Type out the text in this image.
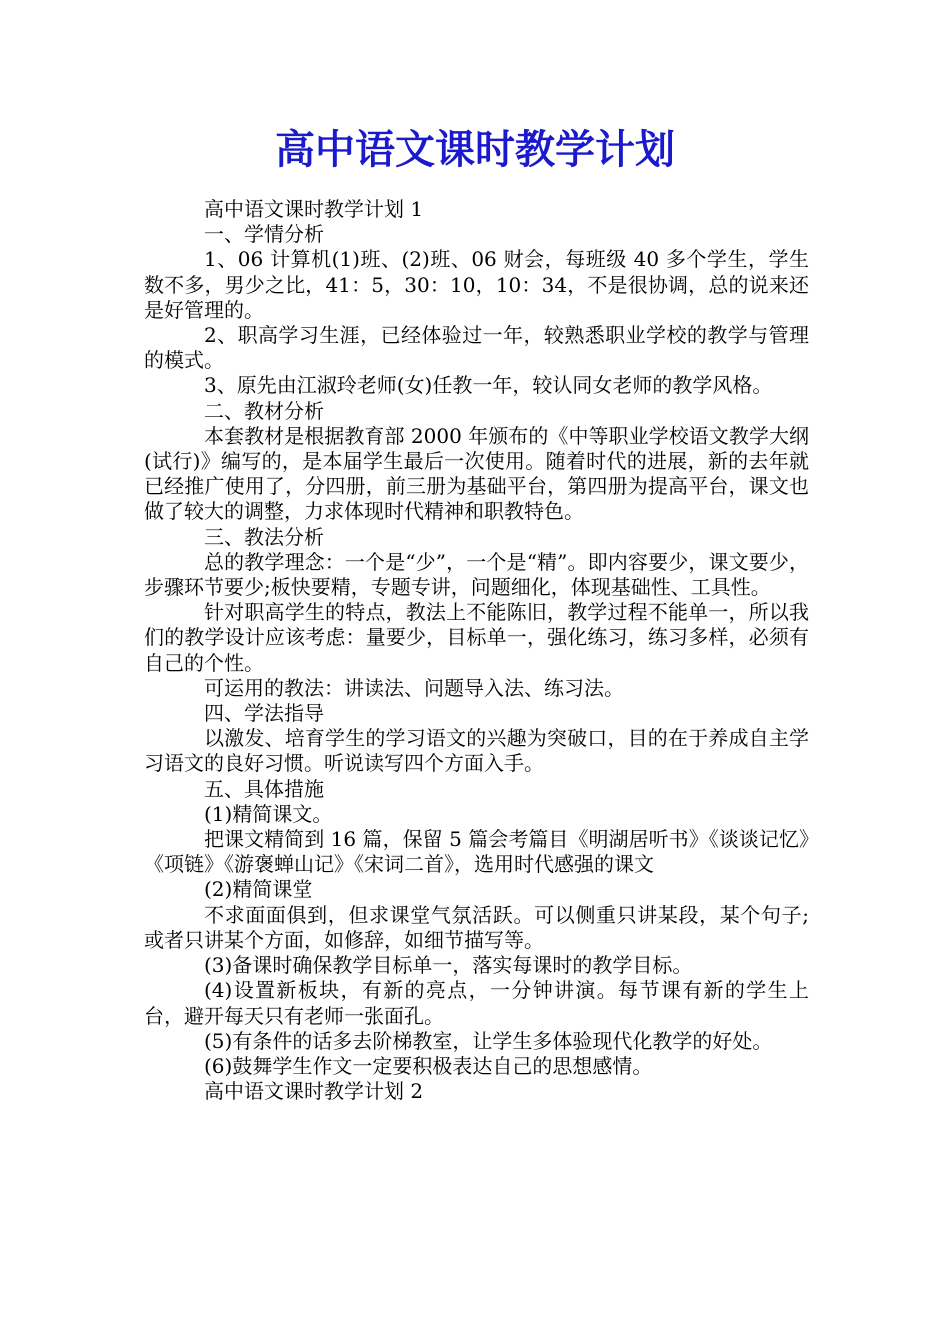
高中语文课时教学计划

高中语文课时教学计划 1

一、学情分析

1、06 计算机(1)班、(2)班、06 财会，每班级 40 多个学生，学生数不多，男少之比，41：5，30：10，10：34，不是很协调，总的说来还是好管理的。

2、职高学习生涯，已经体验过一年，较熟悉职业学校的教学与管理的模式。

3、原先由江淑玲老师(女)任教一年，较认同女老师的教学风格。

二、教材分析

本套教材是根据教育部 2000 年颁布的《中等职业学校语文教学大纲(试行)》编写的，是本届学生最后一次使用。随着时代的进展，新的去年就已经推广使用了，分四册，前三册为基础平台，第四册为提高平台，课文也做了较大的调整，力求体现时代精神和职教特色。

三、教法分析

总的教学理念：一个是“少”，一个是“精”。即内容要少，课文要少，步骤环节要少;板快要精，专题专讲，问题细化，体现基础性、工具性。

针对职高学生的特点，教法上不能陈旧，教学过程不能单一，所以我们的教学设计应该考虑：量要少，目标单一，强化练习，练习多样，必须有自己的个性。

可运用的教法：讲读法、问题导入法、练习法。

四、学法指导

以激发、培育学生的学习语文的兴趣为突破口，目的在于养成自主学习语文的良好习惯。听说读写四个方面入手。

五、具体措施

(1)精简课文。

把课文精简到 16 篇，保留 5 篇会考篇目《明湖居听书》《谈谈记忆》《项链》《游褒蝉山记》《宋词二首》，选用时代感强的课文

(2)精简课堂

不求面面俱到，但求课堂气氛活跃。可以侧重只讲某段，某个句子;或者只讲某个方面，如修辞，如细节描写等。

(3)备课时确保教学目标单一，落实每课时的教学目标。

(4)设置新板块，有新的亮点，一分钟讲演。每节课有新的学生上台，避开每天只有老师一张面孔。

(5)有条件的话多去阶梯教室，让学生多体验现代化教学的好处。

(6)鼓舞学生作文一定要积极表达自己的思想感情。

高中语文课时教学计划 2
